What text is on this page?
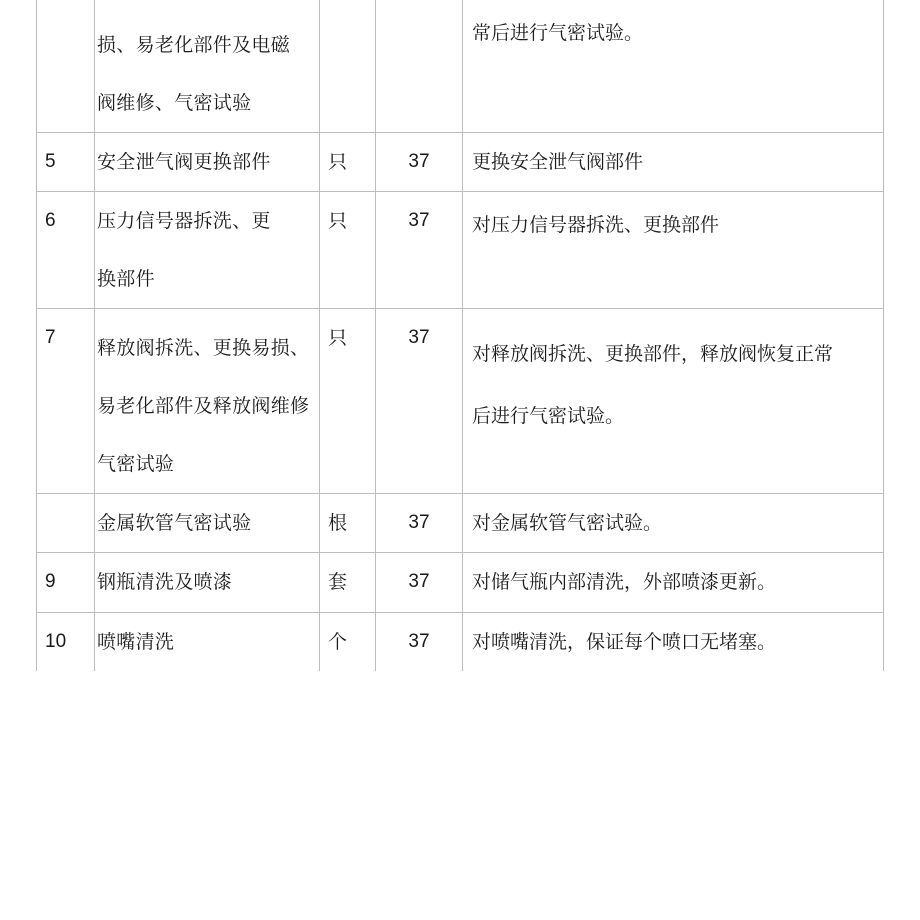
	损、易老化部件及电磁
阀维修、气密试验			常后进行气密试验。

5	安全泄气阀更换部件	只	37	更换安全泄气阀部件

6	压力信号器拆洗、更
换部件	只	37	对压力信号器拆洗、更换部件

7	释放阀拆洗、更换易损、
易老化部件及释放阀维修
气密试验	只	37	对释放阀拆洗、更换部件，释放阀恢复正常
后进行气密试验。

	金属软管气密试验	根	37	对金属软管气密试验。

9	钢瓶清洗及喷漆	套	37	对储气瓶内部清洗，外部喷漆更新。

10	喷嘴清洗	个	37	对喷嘴清洗，保证每个喷口无堵塞。
